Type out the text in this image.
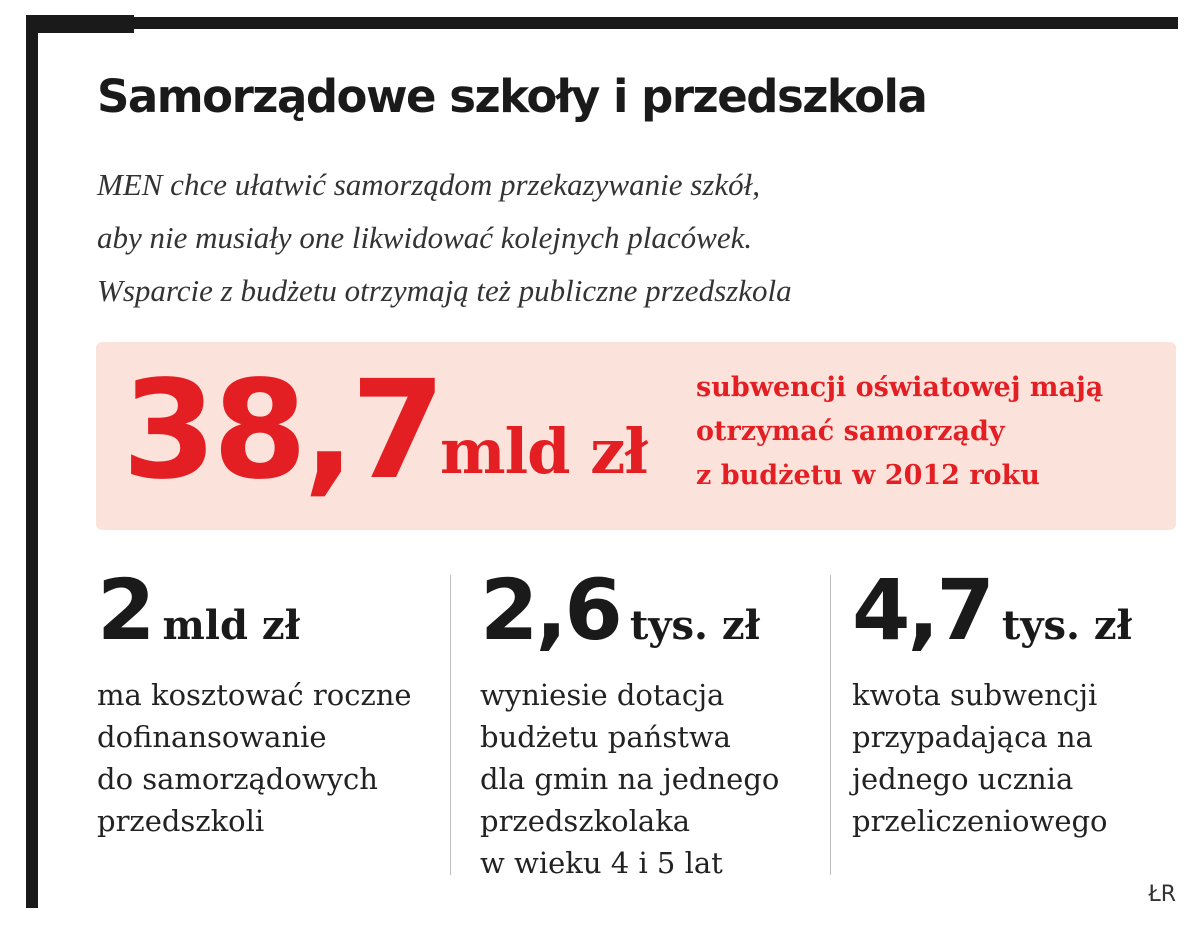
Samorządowe szkoły i przedszkola

MEN chce ułatwić samorządom przekazywanie szkół,
aby nie musiały one likwidować kolejnych placówek.
Wsparcie z budżetu otrzymają też publiczne przedszkola

38,7
mld zł

subwencji oświatowej mają
otrzymać samorządy
z budżetu w 2012 roku

2 mld zł

ma kosztować roczne
dofinansowanie
do samorządowych
przedszkoli

2,6 tys. zł

wyniesie dotacja
budżetu państwa
dla gmin na jednego
przedszkolaka
w wieku 4 i 5 lat

4,7 tys. zł

kwota subwencji
przypadająca na
jednego ucznia
przeliczeniowego

ŁR
